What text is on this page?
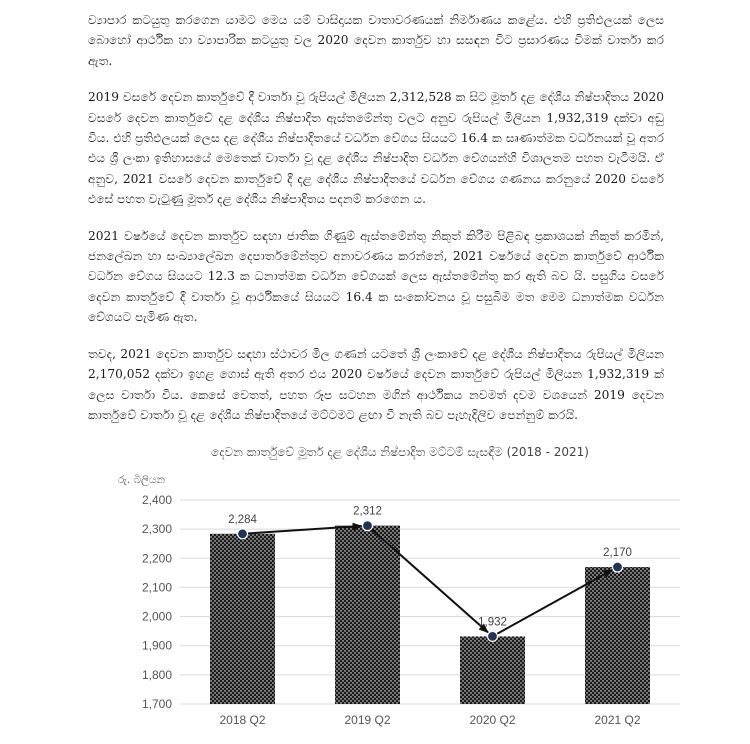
ව්‍යාපාර කටයුතු කරගෙන යාමට මෙය යම් වාසිදායක වාතාවරණයක් නිර්මාණය කළේය. එහි ප්‍රතිඵලයක් ලෙස බොහෝ ආර්ථික හා ව්‍යාපාරික කටයුතු වල 2020 දෙවන කාර්තුව හා සසඳන විට ප්‍රසාරණය විමක් වාර්තා කර ඇත.

2019 වසරේ දෙවන කාර්තුවේ දී වාර්තා වූ රුපියල් මිලියන 2,312,528 ක සිට මූර්ත දළ දේශීය නිෂ්පාදිතය 2020 වසරේ දෙවන කාර්තුවේ දළ දේශීය නිෂ්පාදිත ඇස්තමේන්තු වලට අනුව රුපියල් මිලියන 1,932,319 දක්වා අඩු විය. එහි ප්‍රතිඵලයක් ලෙස දළ දේශීය නිෂ්පාදිතයේ වර්ධන වේගය සියයට 16.4 ක සෘණාත්මක වර්ධනයක් වූ අතර එය ශ්‍රී ලංකා ඉතිහාසයේ මෙතෙක් වාර්තා වූ දළ දේශීය නිෂ්පාදිත වර්ධන වේගයන්හි විශාලතම පහත වැටීමයි. ඒ අනුව, 2021 වසරේ දෙවන කාර්තුවේ දී දළ දේශීය නිෂ්පාදිතයේ වර්ධන වේගය ගණනය කරනුයේ 2020 වසරේ එසේ පහත වැටුණු මූර්ත දළ දේශීය නිෂ්පාදිතය පදනම් කරගෙන ය.

2021 වර්ෂයේ දෙවන කාර්තුව සඳහා ජාතික ගිණුම් ඇස්තමේන්තු නිකුත් කිරීම පිළිබඳ ප්‍රකාශයක් නිකුත් කරමින්, ජනලේඛන හා සංඛ්‍යාලේඛන දෙපාර්තමේන්තුව අනාවරණය කරන්නේ, 2021 වර්ෂයේ දෙවන කාර්තුවේ ආර්ථික වර්ධන වේගය සියයට 12.3 ක ධනාත්මක වර්ධන වේගයක් ලෙස ඇස්තමේන්තු කර ඇති බව යි. පසුගිය වසරේ දෙවන කාර්තුවේ දී වාර්තා වූ ආර්ථිකයේ සියයට 16.4 ක සංකෝචනය වූ පසුබිම මත මෙම ධනාත්මක වර්ධන වේගයට පැමිණ ඇත.

තවද, 2021 දෙවන කාර්තුව සඳහා ස්ථාවර මිල ගණන් යටතේ ශ්‍රී ලංකාවේ දළ දේශීය නිෂ්පාදිතය රුපියල් මිලියන 2,170,052 දක්වා ඉහළ ගොස් ඇති අතර එය 2020 වර්ෂයේ දෙවන කාර්තුවේ රුපියල් මිලියන 1,932,319 ක් ලෙස වාර්තා විය. කෙසේ වෙතත්, පහත රූප සටහන මගින් ආර්ථිකය නවමත් දවම වශයෙන් 2019 දෙවන කාර්තුවේ වාර්තා වූ දළ දේශීය නිෂ්පාදිතයේ මට්ටමට ළඟා වී නැති බව පැහැදිලිව පෙන්නුම් කරයි.

දෙවන කාර්තුවේ මූර්ත දළ දේශීය නිෂ්පාදිත මට්ටම් සැසඳීම (2018 - 2021)
රු. බිලියන
1,700
1,800
1,900
2,000
2,100
2,200
2,300
2,400
2,284
2,312
1,932
2,170
2018 Q2	2019 Q2	2020 Q2	2021 Q2
